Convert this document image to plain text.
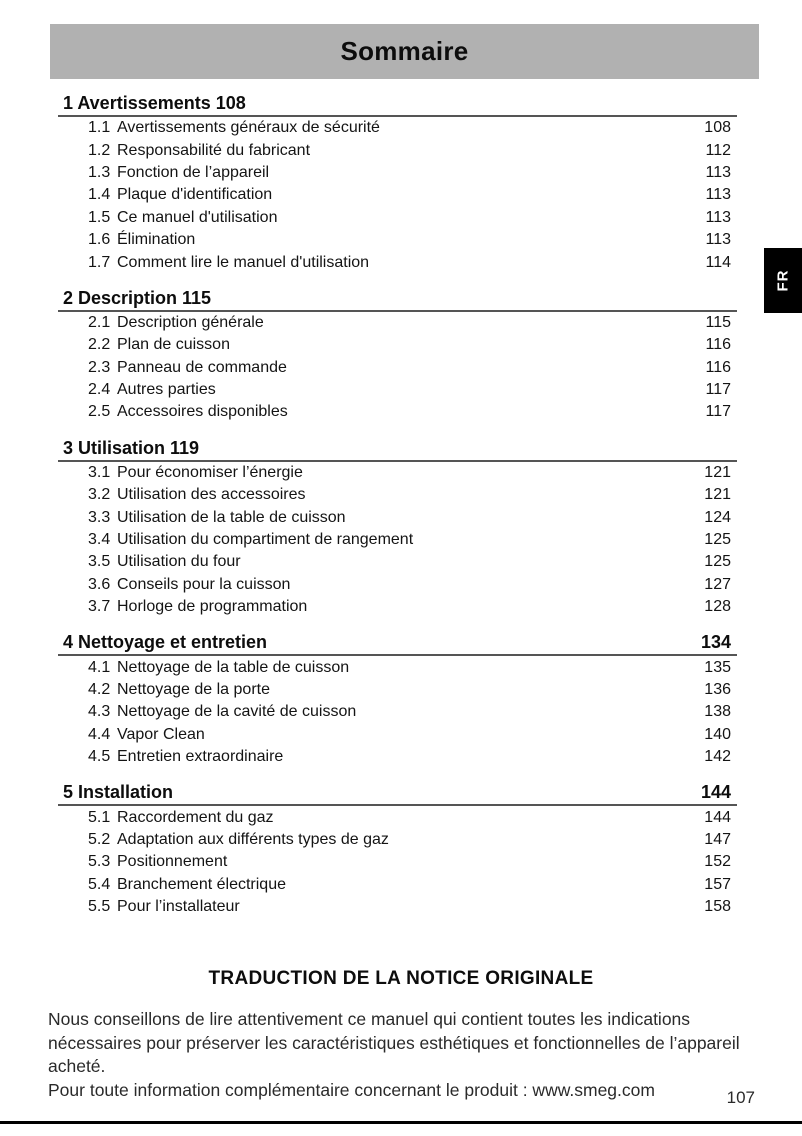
Sommaire
FR
1 Avertissements 108
1.1 Avertissements généraux de sécurité	108
1.2 Responsabilité du fabricant	112
1.3 Fonction de l’appareil	113
1.4 Plaque d'identification	113
1.5 Ce manuel d'utilisation	113
1.6 Élimination	113
1.7 Comment lire le manuel d'utilisation	114
2 Description 115
2.1 Description générale	115
2.2 Plan de cuisson	116
2.3 Panneau de commande	116
2.4 Autres parties	117
2.5 Accessoires disponibles	117
3 Utilisation 119
3.1 Pour économiser l’énergie	121
3.2 Utilisation des accessoires	121
3.3 Utilisation de la table de cuisson	124
3.4 Utilisation du compartiment de rangement	125
3.5 Utilisation du four	125
3.6 Conseils pour la cuisson	127
3.7 Horloge de programmation	128
4 Nettoyage et entretien	134
4.1 Nettoyage de la table de cuisson	135
4.2 Nettoyage de la porte	136
4.3 Nettoyage de la cavité de cuisson	138
4.4 Vapor Clean	140
4.5 Entretien extraordinaire	142
5 Installation	144
5.1 Raccordement du gaz	144
5.2 Adaptation aux différents types de gaz	147
5.3 Positionnement	152
5.4 Branchement électrique	157
5.5 Pour l’installateur	158
TRADUCTION DE LA NOTICE ORIGINALE

Nous conseillons de lire attentivement ce manuel qui contient toutes les indications nécessaires pour préserver les caractéristiques esthétiques et fonctionnelles de l’appareil acheté.

Pour toute information complémentaire concernant le produit : www.smeg.com	107
